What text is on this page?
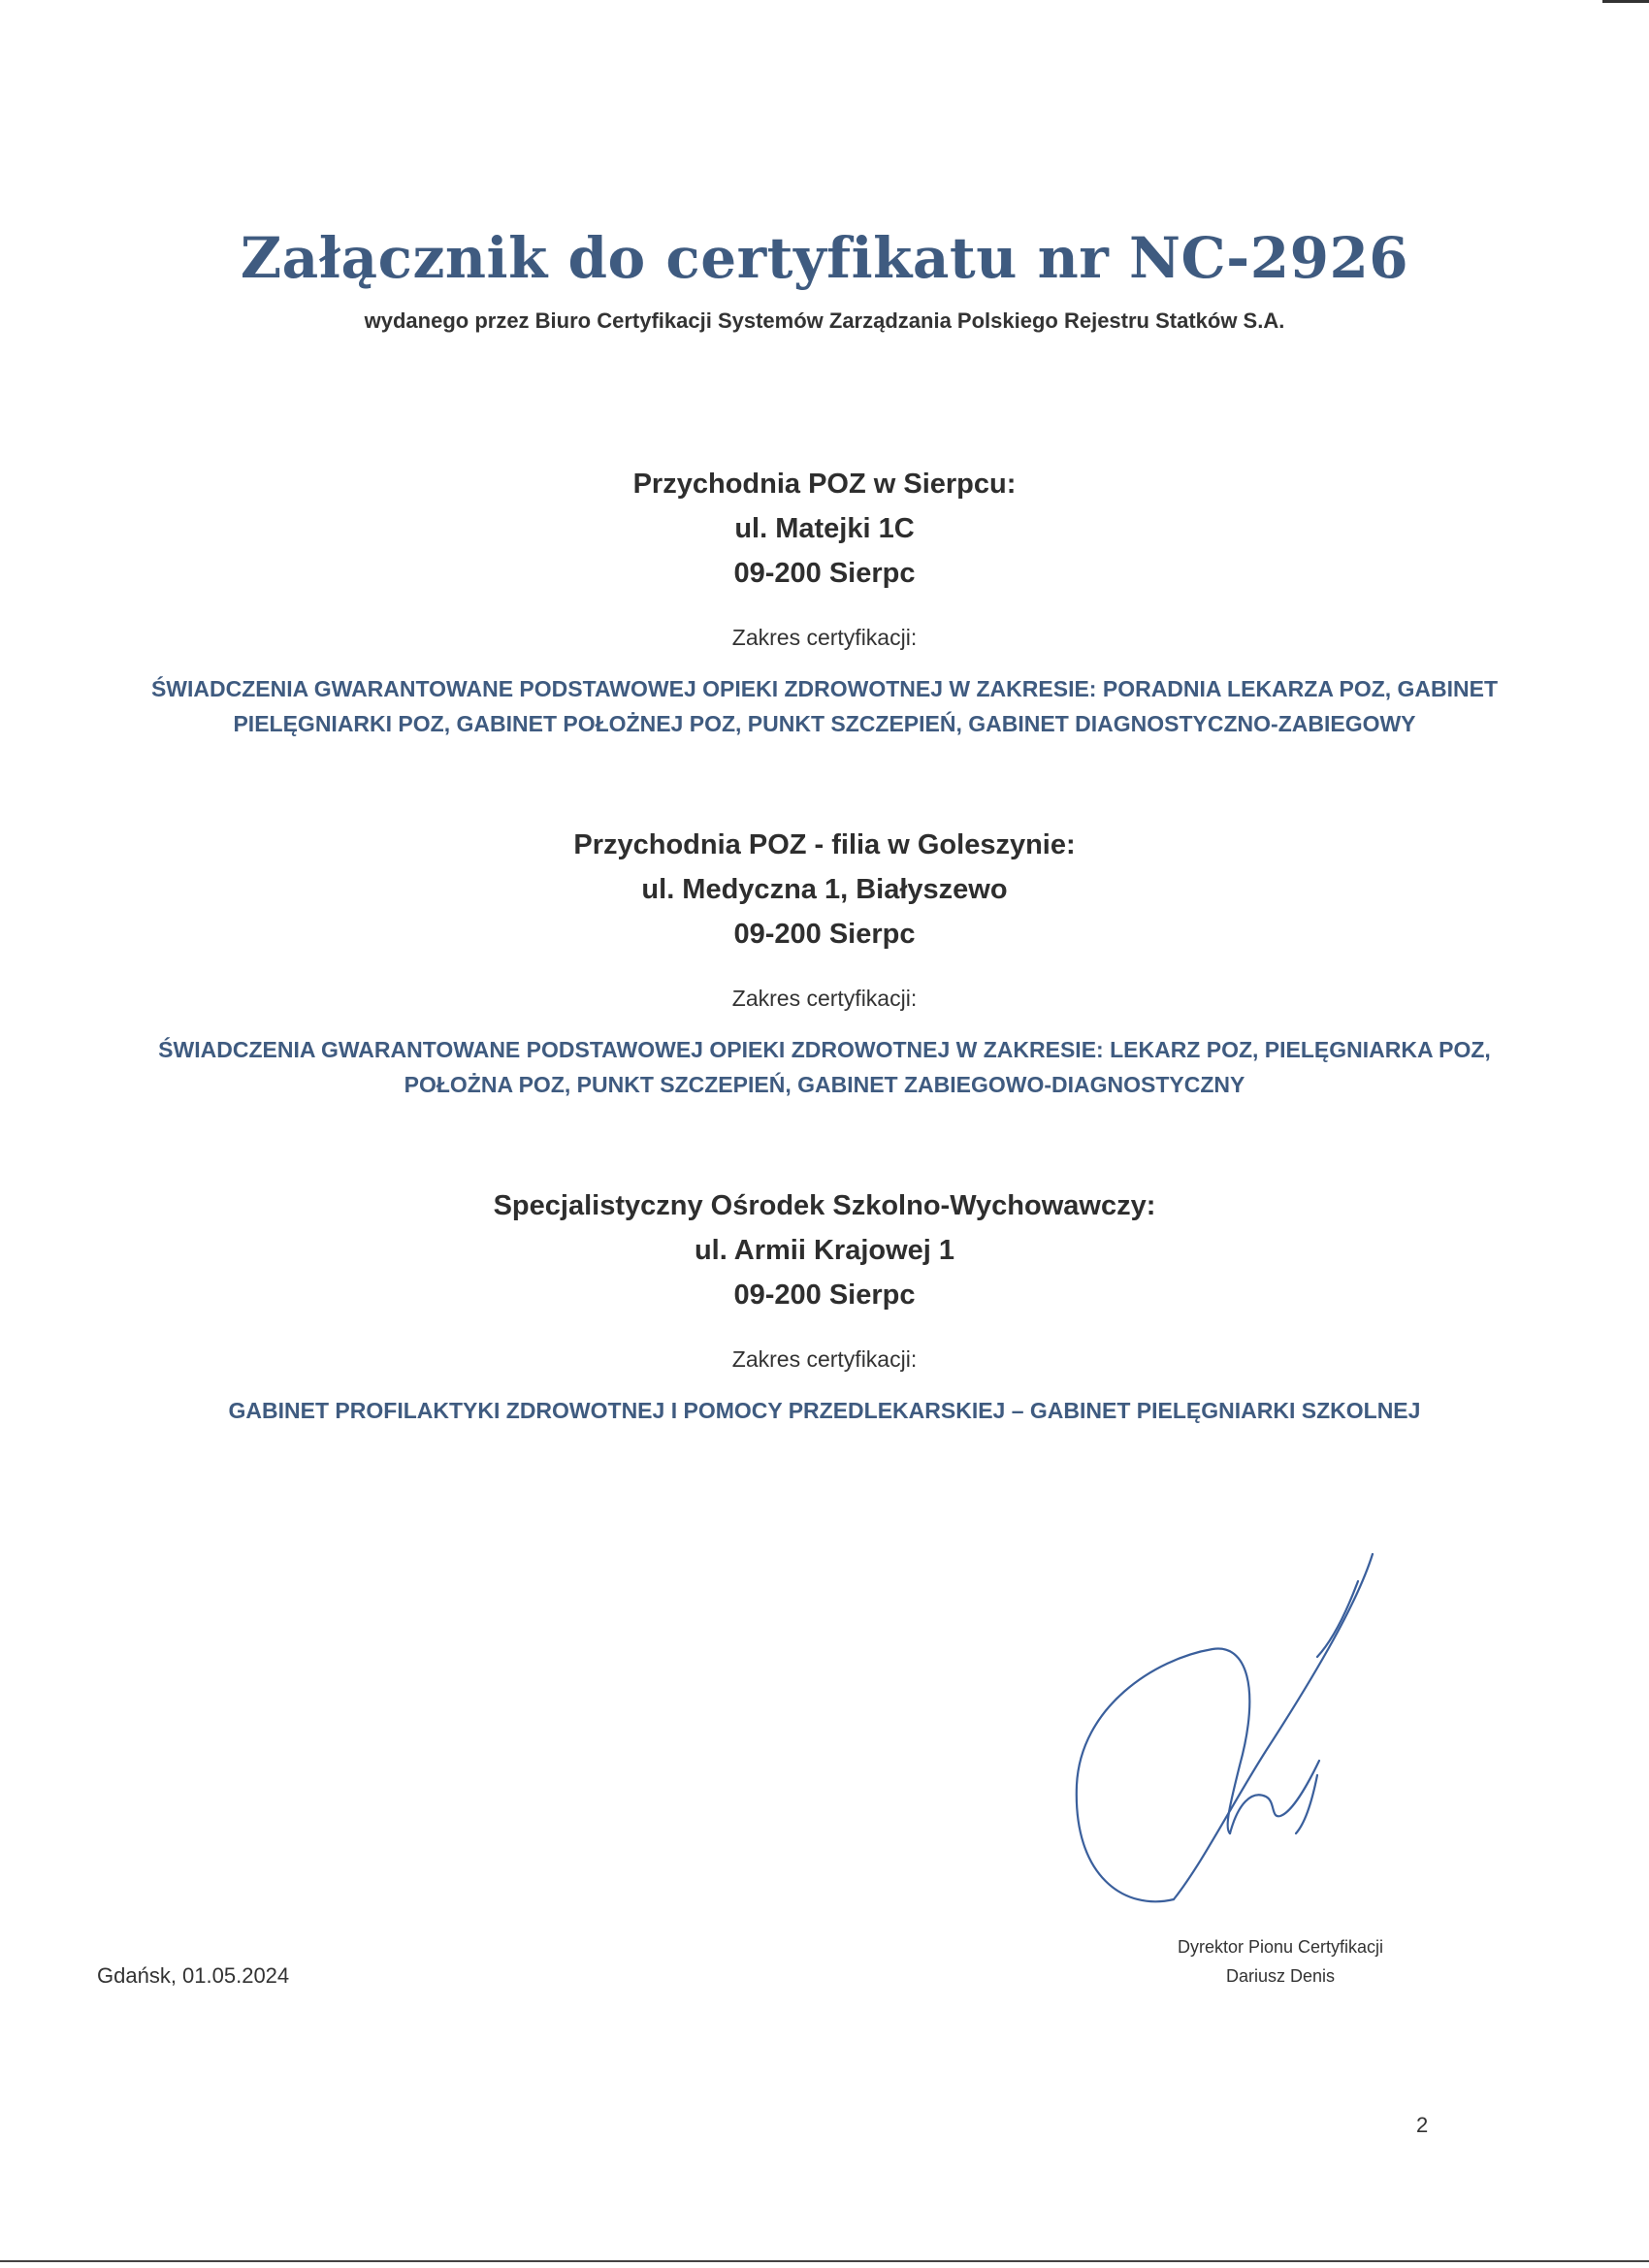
Załącznik do certyfikatu nr NC-2926
wydanego przez Biuro Certyfikacji Systemów Zarządzania Polskiego Rejestru Statków S.A.
Przychodnia POZ w Sierpcu:
ul. Matejki 1C
09-200 Sierpc
Zakres certyfikacji:
ŚWIADCZENIA GWARANTOWANE PODSTAWOWEJ OPIEKI ZDROWOTNEJ W ZAKRESIE: PORADNIA LEKARZA POZ, GABINET PIELĘGNIARKI POZ, GABINET POŁOŻNEJ POZ, PUNKT SZCZEPIEŃ, GABINET DIAGNOSTYCZNO-ZABIEGOWY
Przychodnia POZ - filia w Goleszynie:
ul. Medyczna 1, Białyszewo
09-200 Sierpc
Zakres certyfikacji:
ŚWIADCZENIA GWARANTOWANE PODSTAWOWEJ OPIEKI ZDROWOTNEJ W ZAKRESIE: LEKARZ POZ, PIELĘGNIARKA POZ, POŁOŻNA POZ, PUNKT SZCZEPIEŃ, GABINET ZABIEGOWO-DIAGNOSTYCZNY
Specjalistyczny Ośrodek Szkolno-Wychowawczy:
ul. Armii Krajowej 1
09-200 Sierpc
Zakres certyfikacji:
GABINET PROFILAKTYKI ZDROWOTNEJ I POMOCY PRZEDLEKARSKIEJ – GABINET PIELĘGNIARKI SZKOLNEJ
Gdańsk, 01.05.2024
Dyrektor Pionu Certyfikacji
Dariusz Denis
2
